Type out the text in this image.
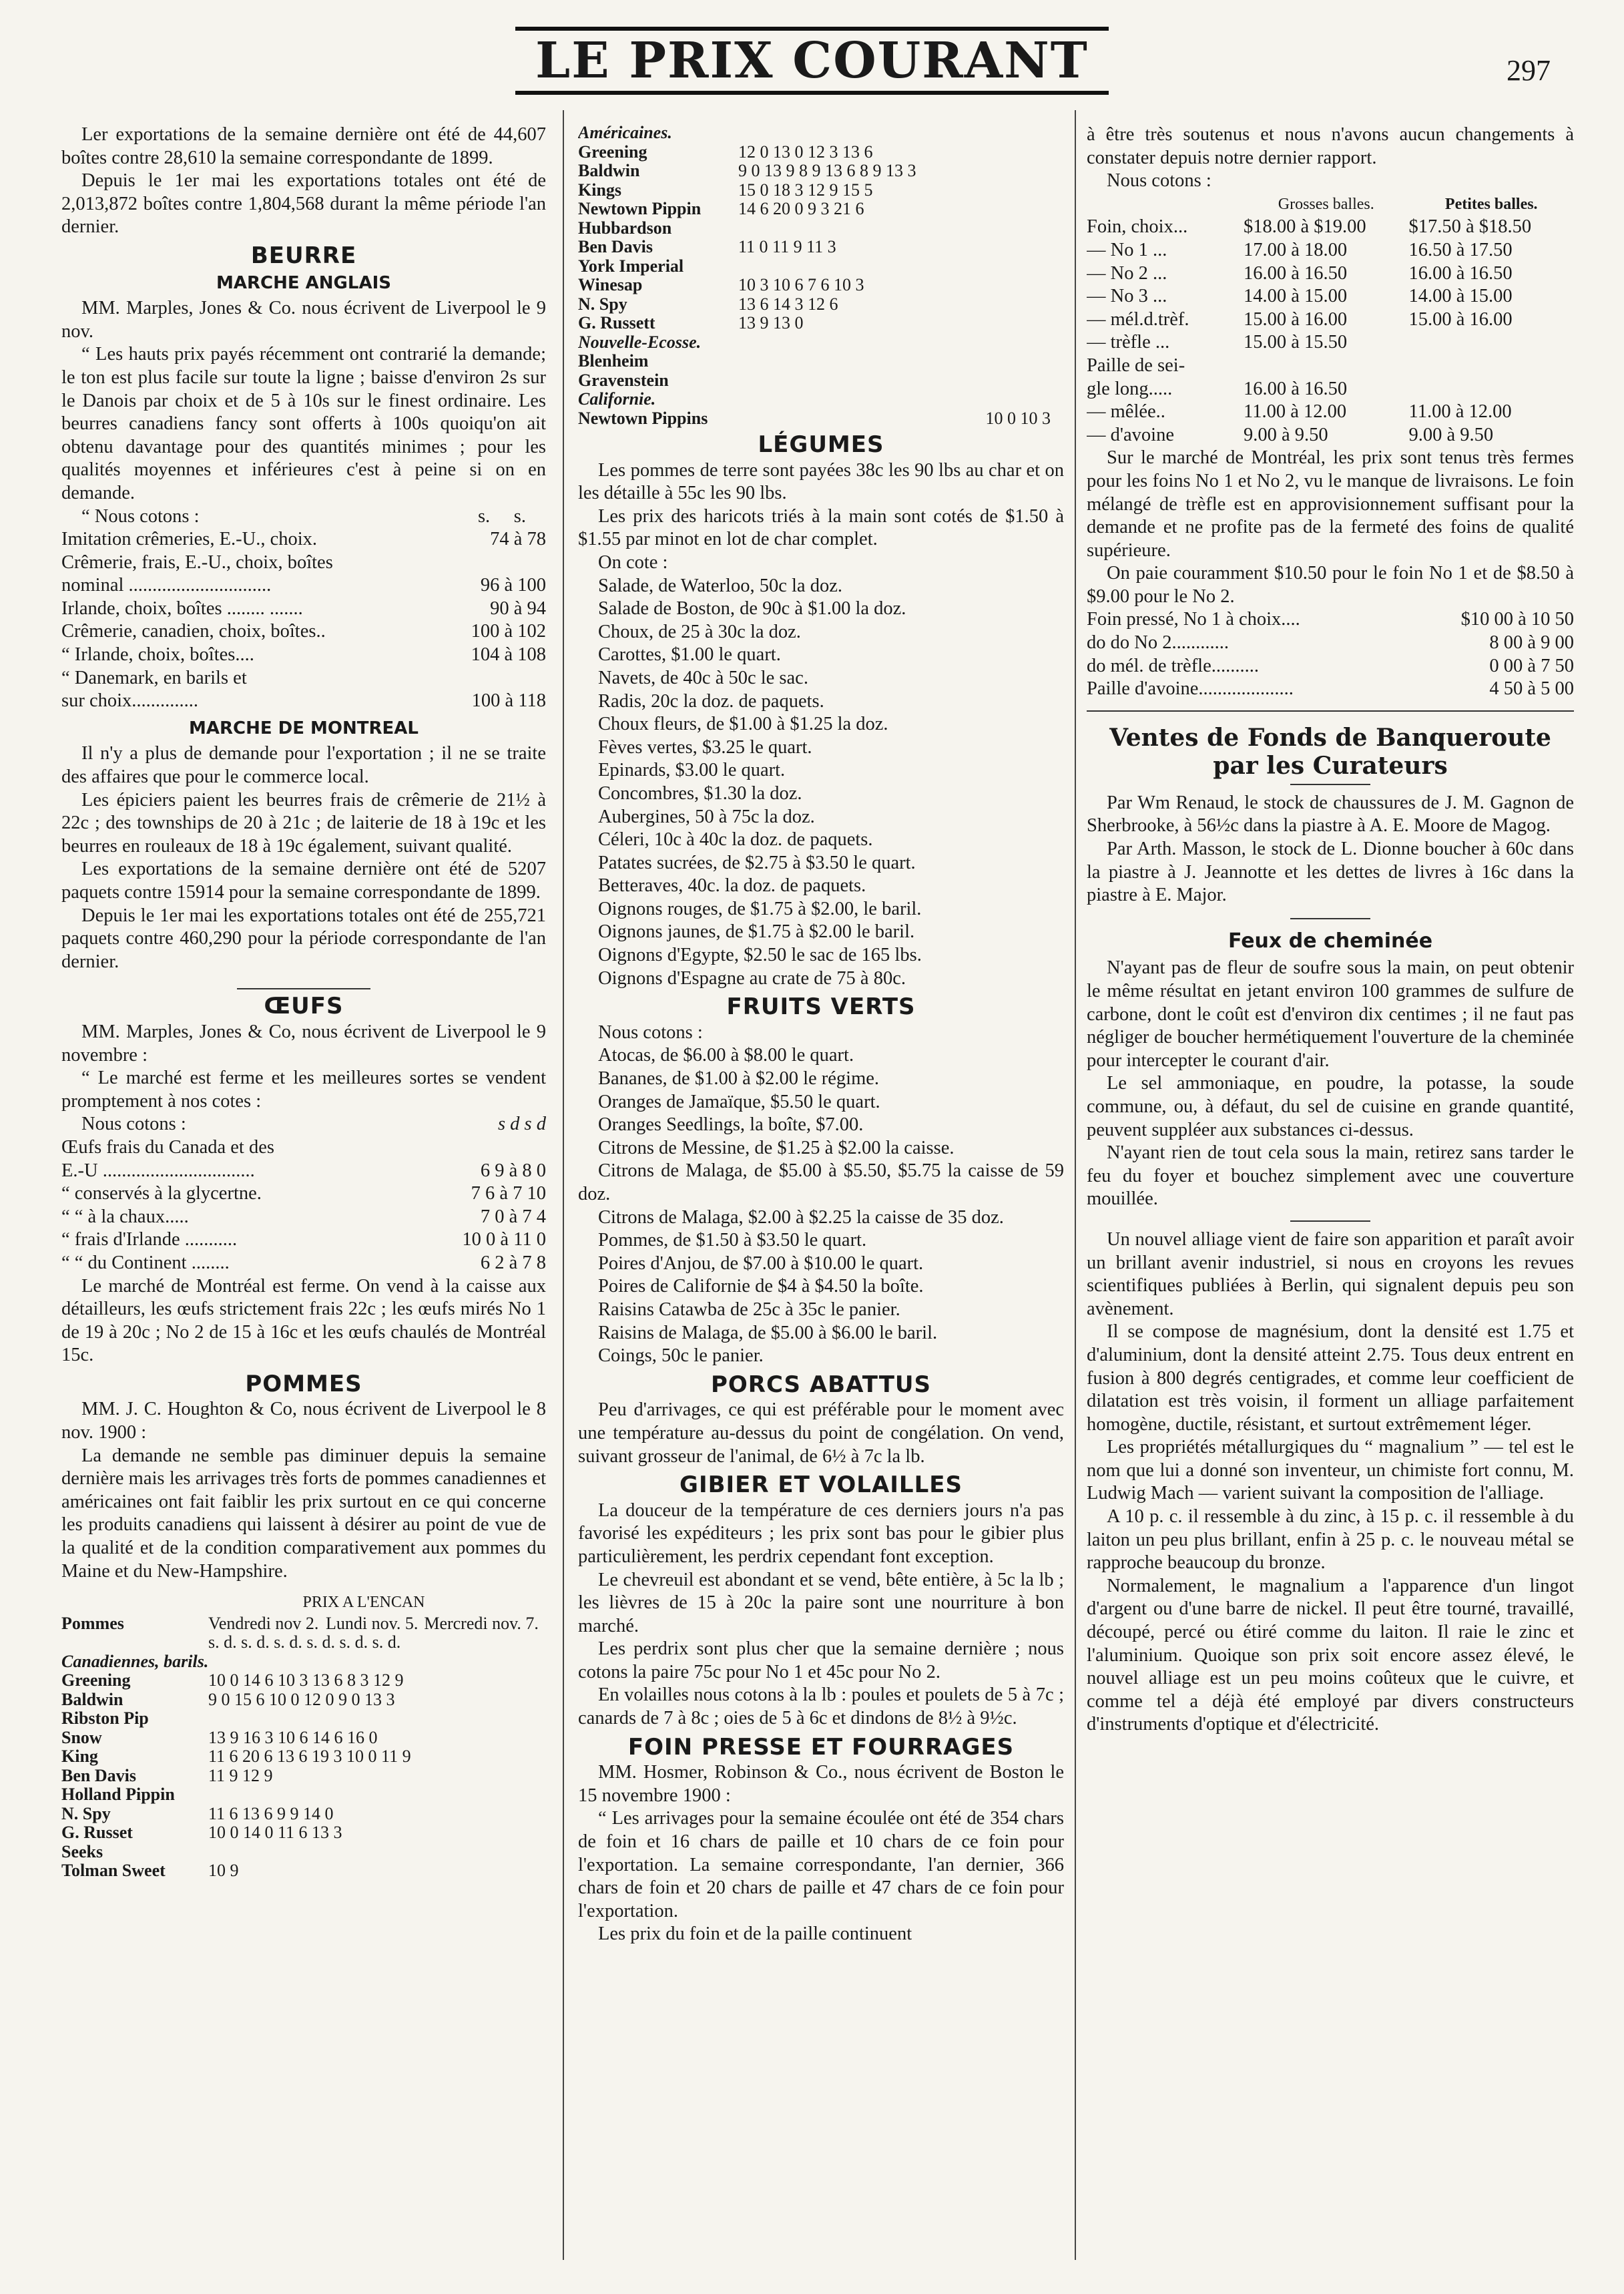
LE PRIX COURANT	297

Ler exportations de la semaine dernière ont été de 44,607 boîtes contre 28,610 la semaine correspondante de 1899.

Depuis le 1er mai les exportations totales ont été de 2,013,872 boîtes contre 1,804,568 durant la même période l'an dernier.

BEURRE
MARCHE ANGLAIS

MM. Marples, Jones & Co. nous écrivent de Liverpool le 9 nov.

“ Les hauts prix payés récemment ont contrarié la demande; le ton est plus facile sur toute la ligne ; baisse d'environ 2s sur le Danois par choix et de 5 à 10s sur le finest ordinaire. Les beurres canadiens fancy sont offerts à 100s quoiqu'on ait obtenu davantage pour des quantités minimes ; pour les qualités moyennes et inférieures c'est à peine si on en demande.

“ Nous cotons :	s. s.
Imitation crêmeries, E.-U., choix.	74 à 78
Crêmerie, frais, E.-U., choix, boîtes
nominal ..............................	96 à 100
Irlande, choix, boîtes ........ .......	90 à 94
Crêmerie, canadien, choix, boîtes..	100 à 102
“ Irlande, choix, boîtes....	104 à 108
“ Danemark, en barils et
sur choix..............	100 à 118
MARCHE DE MONTREAL

Il n'y a plus de demande pour l'exportation ; il ne se traite des affaires que pour le commerce local.

Les épiciers paient les beurres frais de crêmerie de 21½ à 22c ; des townships de 20 à 21c ; de laiterie de 18 à 19c et les beurres en rouleaux de 18 à 19c également, suivant qualité.

Les exportations de la semaine dernière ont été de 5207 paquets contre 15914 pour la semaine correspondante de 1899.

Depuis le 1er mai les exportations totales ont été de 255,721 paquets contre 460,290 pour la période correspondante de l'an dernier.

ŒUFS

MM. Marples, Jones & Co, nous écrivent de Liverpool le 9 novembre :

“ Le marché est ferme et les meilleures sortes se vendent promptement à nos cotes :

Nous cotons :	s d s d
Œufs frais du Canada et des
E.-U ................................	6 9 à 8 0
“ conservés à la glycertne.	7 6 à 7 10
“ “ à la chaux.....	7 0 à 7 4
“ frais d'Irlande ...........	10 0 à 11 0
“ “ du Continent ........	6 2 à 7 8

Le marché de Montréal est ferme. On vend à la caisse aux détailleurs, les œufs strictement frais 22c ; les œufs mirés No 1 de 19 à 20c ; No 2 de 15 à 16c et les œufs chaulés de Montréal 15c.

POMMES

MM. J. C. Houghton & Co, nous écrivent de Liverpool le 8 nov. 1900 :

La demande ne semble pas diminuer depuis la semaine dernière mais les arrivages très forts de pommes canadiennes et américaines ont fait faiblir les prix surtout en ce qui concerne les produits canadiens qui laissent à désirer au point de vue de la qualité et de la condition comparativement aux pommes du Maine et du New-Hampshire.

PRIX A L'ENCAN
Pommes	Vendredi nov 2.	Lundi nov. 5.	Mercredi nov. 7.
	s. d. s. d. s. d. s. d. s. d. s. d.		
Canadiennes, barils.			
Greening	10 0 14 6 10 3 13 6 8 3 12 9		
Baldwin	9 0 15 6 10 0 12 0 9 0 13 3		
Ribston Pip			
Snow	13 9 16 3 10 6 14 6 16 0		
King	11 6 20 6 13 6 19 3 10 0 11 9		
Ben Davis	11 9 12 9		
Holland Pippin			
N. Spy	11 6 13 6 9 9 14 0		
G. Russet	10 0 14 0 11 6 13 3		
Seeks			
Tolman Sweet	10 9		
Américaines.
Greening	12 0 13 0 12 3 13 6
Baldwin	9 0 13 9 8 9 13 6 8 9 13 3
Kings	15 0 18 3 12 9 15 5
Newtown Pippin	14 6 20 0 9 3 21 6
Hubbardson	
Ben Davis	11 0 11 9 11 3
York Imperial	
Winesap	10 3 10 6 7 6 10 3
N. Spy	13 6 14 3 12 6
G. Russett	13 9 13 0
Nouvelle-Ecosse.	
Blenheim	
Gravenstein	
Californie.	
Newtown Pippins	10 0 10 3
LÉGUMES

Les pommes de terre sont payées 38c les 90 lbs au char et on les détaille à 55c les 90 lbs.

Les prix des haricots triés à la main sont cotés de $1.50 à $1.55 par minot en lot de char complet.

On cote :
Salade, de Waterloo, 50c la doz.
Salade de Boston, de 90c à $1.00 la doz.
Choux, de 25 à 30c la doz.
Carottes, $1.00 le quart.
Navets, de 40c à 50c le sac.
Radis, 20c la doz. de paquets.
Choux fleurs, de $1.00 à $1.25 la doz.
Fèves vertes, $3.25 le quart.
Epinards, $3.00 le quart.
Concombres, $1.30 la doz.
Aubergines, 50 à 75c la doz.
Céleri, 10c à 40c la doz. de paquets.
Patates sucrées, de $2.75 à $3.50 le quart.
Betteraves, 40c. la doz. de paquets.
Oignons rouges, de $1.75 à $2.00, le baril.
Oignons jaunes, de $1.75 à $2.00 le baril.
Oignons d'Egypte, $2.50 le sac de 165 lbs.
Oignons d'Espagne au crate de 75 à 80c.
FRUITS VERTS
Nous cotons :

Atocas, de $6.00 à $8.00 le quart.

Bananes, de $1.00 à $2.00 le régime.

Oranges de Jamaïque, $5.50 le quart.

Oranges Seedlings, la boîte, $7.00.

Citrons de Messine, de $1.25 à $2.00 la caisse.

Citrons de Malaga, de $5.00 à $5.50, $5.75 la caisse de 59 doz.

Citrons de Malaga, $2.00 à $2.25 la caisse de 35 doz.

Pommes, de $1.50 à $3.50 le quart.

Poires d'Anjou, de $7.00 à $10.00 le quart.

Poires de Californie de $4 à $4.50 la boîte.

Raisins Catawba de 25c à 35c le panier.

Raisins de Malaga, de $5.00 à $6.00 le baril.

Coings, 50c le panier.

PORCS ABATTUS

Peu d'arrivages, ce qui est préférable pour le moment avec une température au-dessus du point de congélation. On vend, suivant grosseur de l'animal, de 6½ à 7c la lb.

GIBIER ET VOLAILLES

La douceur de la température de ces derniers jours n'a pas favorisé les expéditeurs ; les prix sont bas pour le gibier plus particulièrement, les perdrix cependant font exception.

Le chevreuil est abondant et se vend, bête entière, à 5c la lb ; les lièvres de 15 à 20c la paire sont une nourriture à bon marché.

Les perdrix sont plus cher que la semaine dernière ; nous cotons la paire 75c pour No 1 et 45c pour No 2.

En volailles nous cotons à la lb : poules et poulets de 5 à 7c ; canards de 7 à 8c ; oies de 5 à 6c et dindons de 8½ à 9½c.

FOIN PRESSE ET FOURRAGES

MM. Hosmer, Robinson & Co., nous écrivent de Boston le 15 novembre 1900 :

“ Les arrivages pour la semaine écoulée ont été de 354 chars de foin et 16 chars de paille et 10 chars de ce foin pour l'exportation. La semaine correspondante, l'an dernier, 366 chars de foin et 20 chars de paille et 47 chars de ce foin pour l'exportation.

Les prix du foin et de la paille continuent

à être très soutenus et nous n'avons aucun changements à constater depuis notre dernier rapport.

Nous cotons :
	Grosses balles.	Petites balles.
Foin, choix...	$18.00 à $19.00	$17.50 à $18.50
— No 1 ...	17.00 à 18.00	16.50 à 17.50
— No 2 ...	16.00 à 16.50	16.00 à 16.50
— No 3 ...	14.00 à 15.00	14.00 à 15.00
— mél.d.trèf.	15.00 à 16.00	15.00 à 16.00
— trèfle ...	15.00 à 15.50	
Paille de sei-		
gle long.....	16.00 à 16.50	
— mêlée..	11.00 à 12.00	11.00 à 12.00
— d'avoine	9.00 à 9.50	9.00 à 9.50

Sur le marché de Montréal, les prix sont tenus très fermes pour les foins No 1 et No 2, vu le manque de livraisons. Le foin mélangé de trèfle est en approvisionnement suffisant pour la demande et ne profite pas de la fermeté des foins de qualité supérieure.

On paie couramment $10.50 pour le foin No 1 et de $8.50 à $9.00 pour le No 2.

Foin pressé, No 1 à choix....	$10 00 à 10 50
do do No 2............	8 00 à 9 00
do mél. de trèfle..........	0 00 à 7 50
Paille d'avoine....................	4 50 à 5 00
Ventes de Fonds de Banqueroute par les Curateurs

Par Wm Renaud, le stock de chaussures de J. M. Gagnon de Sherbrooke, à 56½c dans la piastre à A. E. Moore de Magog.

Par Arth. Masson, le stock de L. Dionne boucher à 60c dans la piastre à J. Jeannotte et les dettes de livres à 16c dans la piastre à E. Major.

Feux de cheminée

N'ayant pas de fleur de soufre sous la main, on peut obtenir le même résultat en jetant environ 100 grammes de sulfure de carbone, dont le coût est d'environ dix centimes ; il ne faut pas négliger de boucher hermétiquement l'ouverture de la cheminée pour intercepter le courant d'air.

Le sel ammoniaque, en poudre, la potasse, la soude commune, ou, à défaut, du sel de cuisine en grande quantité, peuvent suppléer aux substances ci-dessus.

N'ayant rien de tout cela sous la main, retirez sans tarder le feu du foyer et bouchez simplement avec une couverture mouillée.

Un nouvel alliage vient de faire son apparition et paraît avoir un brillant avenir industriel, si nous en croyons les revues scientifiques publiées à Berlin, qui signalent depuis peu son avènement.

Il se compose de magnésium, dont la densité est 1.75 et d'aluminium, dont la densité atteint 2.75. Tous deux entrent en fusion à 800 degrés centigrades, et comme leur coefficient de dilatation est très voisin, il forment un alliage parfaitement homogène, ductile, résistant, et surtout extrêmement léger.

Les propriétés métallurgiques du “ magnalium ” — tel est le nom que lui a donné son inventeur, un chimiste fort connu, M. Ludwig Mach — varient suivant la composition de l'alliage.

A 10 p. c. il ressemble à du zinc, à 15 p. c. il ressemble à du laiton un peu plus brillant, enfin à 25 p. c. le nouveau métal se rapproche beaucoup du bronze.

Normalement, le magnalium a l'apparence d'un lingot d'argent ou d'une barre de nickel. Il peut être tourné, travaillé, découpé, percé ou étiré comme du laiton. Il raie le zinc et l'aluminium. Quoique son prix soit encore assez élevé, le nouvel alliage est un peu moins coûteux que le cuivre, et comme tel a déjà été employé par divers constructeurs d'instruments d'optique et d'électricité.
